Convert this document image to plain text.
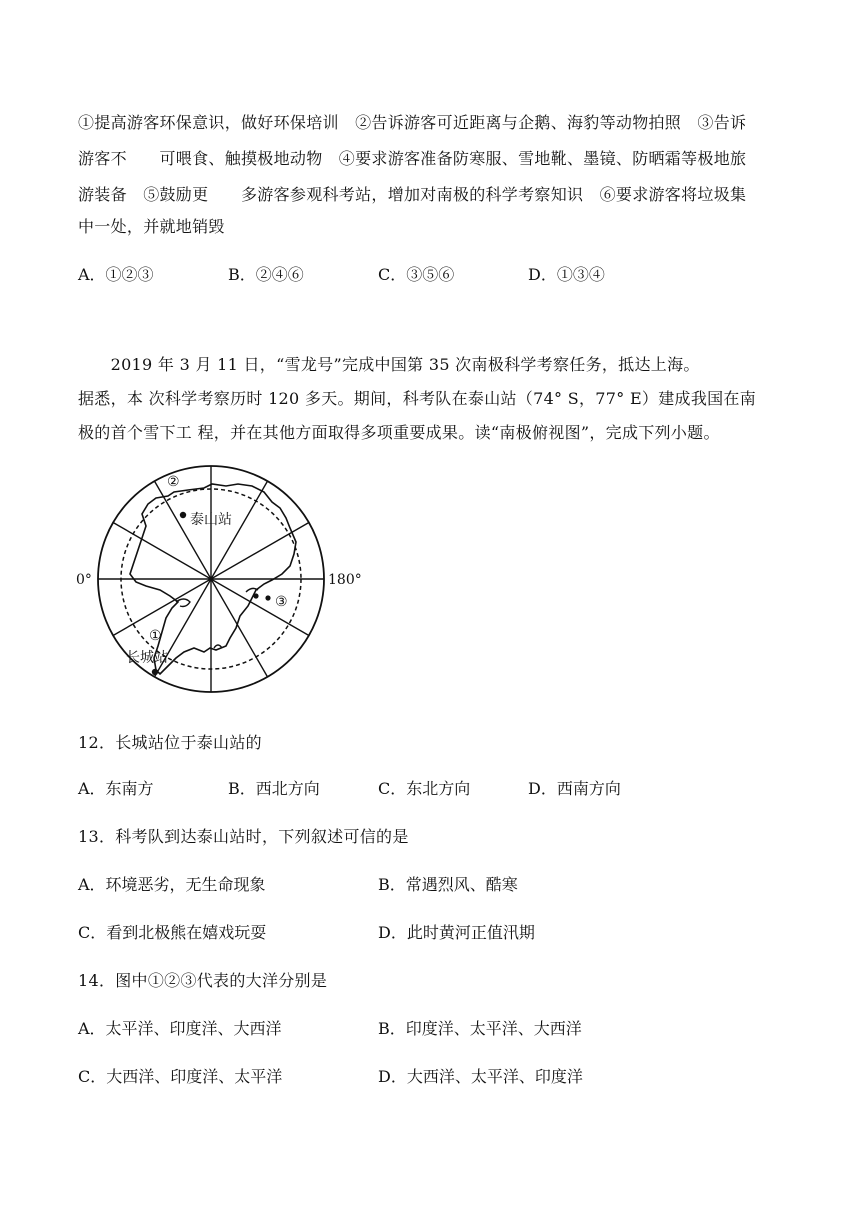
①提高游客环保意识，做好环保培训　②告诉游客可近距离与企鹅、海豹等动物拍照　③告诉
游客不　　可喂食、触摸极地动物　④要求游客准备防寒服、雪地靴、墨镜、防晒霜等极地旅
游装备　⑤鼓励更　　多游客参观科考站，增加对南极的科学考察知识　⑥要求游客将垃圾集
中一处，并就地销毁
A．①②③	B．②④⑥	C．③⑤⑥	D．①③④
　　2019 年 3 月 11 日，“雪龙号”完成中国第 35 次南极科学考察任务，抵达上海。
据悉，本 次科学考察历时 120 多天。期间，科考队在泰山站（74° S，77° E）建成我国在南
极的首个雪下工 程，并在其他方面取得多项重要成果。读“南极俯视图”，完成下列小题。
0°	180°
②
③
①
泰山站
长城站
12．长城站位于泰山站的
A．东南方	B．西北方向	C．东北方向	D．西南方向
13．科考队到达泰山站时，下列叙述可信的是
A．环境恶劣，无生命现象	B．常遇烈风、酷寒
C．看到北极熊在嬉戏玩耍	D．此时黄河正值汛期
14．图中①②③代表的大洋分别是
A．太平洋、印度洋、大西洋	B．印度洋、太平洋、大西洋
C．大西洋、印度洋、太平洋	D．大西洋、太平洋、印度洋
